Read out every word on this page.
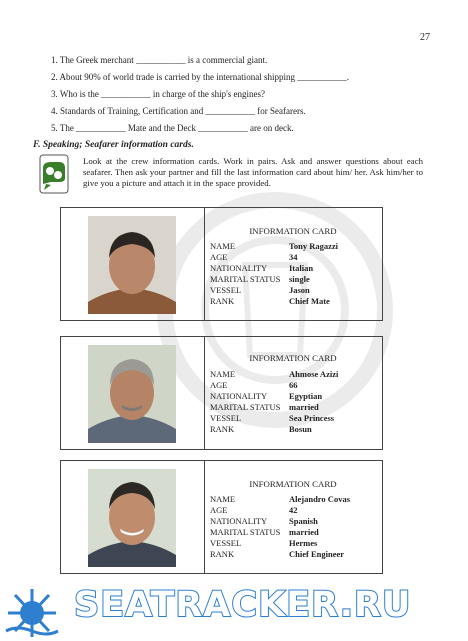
27
1. The Greek merchant ___________ is a commercial giant.
2. About 90% of world trade is carried by the international shipping ___________.
3. Who is the ___________ in charge of the ship's engines?
4. Standards of Training, Certification and ___________ for Seafarers.
5. The ___________ Mate and the Deck ___________ are on deck.
F. Speaking; Seafarer information cards.
Look at the crew information cards. Work in pairs. Ask and answer questions about each seafarer. Then ask your partner and fill the last information card about him/ her. Ask him/her to give you a picture and attach it in the space provided.
INFORMATION CARD
NAME
AGE
NATIONALITY
MARITAL STATUS
VESSEL
RANK
Tony Ragazzi
34
Italian
single
Jason
Chief Mate
INFORMATION CARD
NAME
AGE
NATIONALITY
MARITAL STATUS
VESSEL
RANK
Ahmose Azizi
66
Egyptian
married
Sea Princess
Bosun
INFORMATION CARD
NAME
AGE
NATIONALITY
MARITAL STATUS
VESSEL
RANK
Alejandro Covas
42
Spanish
married
Hermes
Chief Engineer
SEATRACKER.RU
